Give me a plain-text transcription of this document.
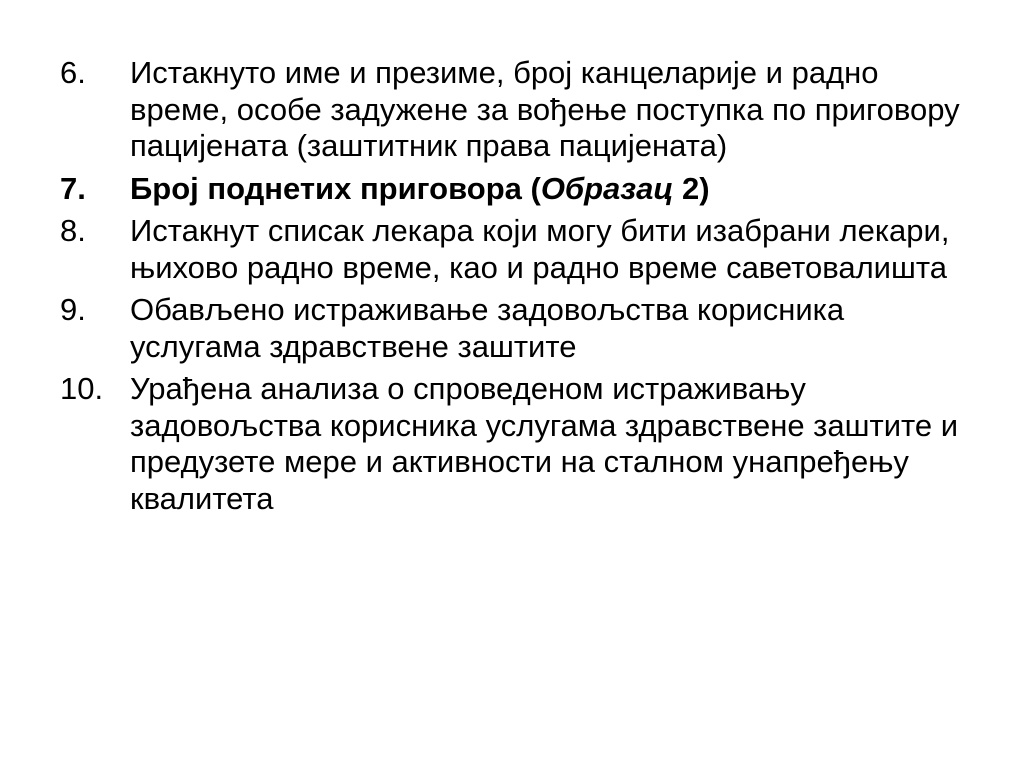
6.	Истакнуто име и презиме, број канцеларије и радно време, особе задужене за вођење поступка по приговору пацијената (заштитник права пацијената)
7.	Број поднетих приговора (Образац 2)
8.	Истакнут списак лекара који могу бити изабрани лекари, њихово радно време, као и радно време саветовалишта
9.	Обављено истраживање задовољства корисника услугама здравствене заштите
10. Урађена анализа о спроведеном истраживању задовољства корисника услугама здравствене заштите и предузете мере и активности на сталном унапређењу квалитета
